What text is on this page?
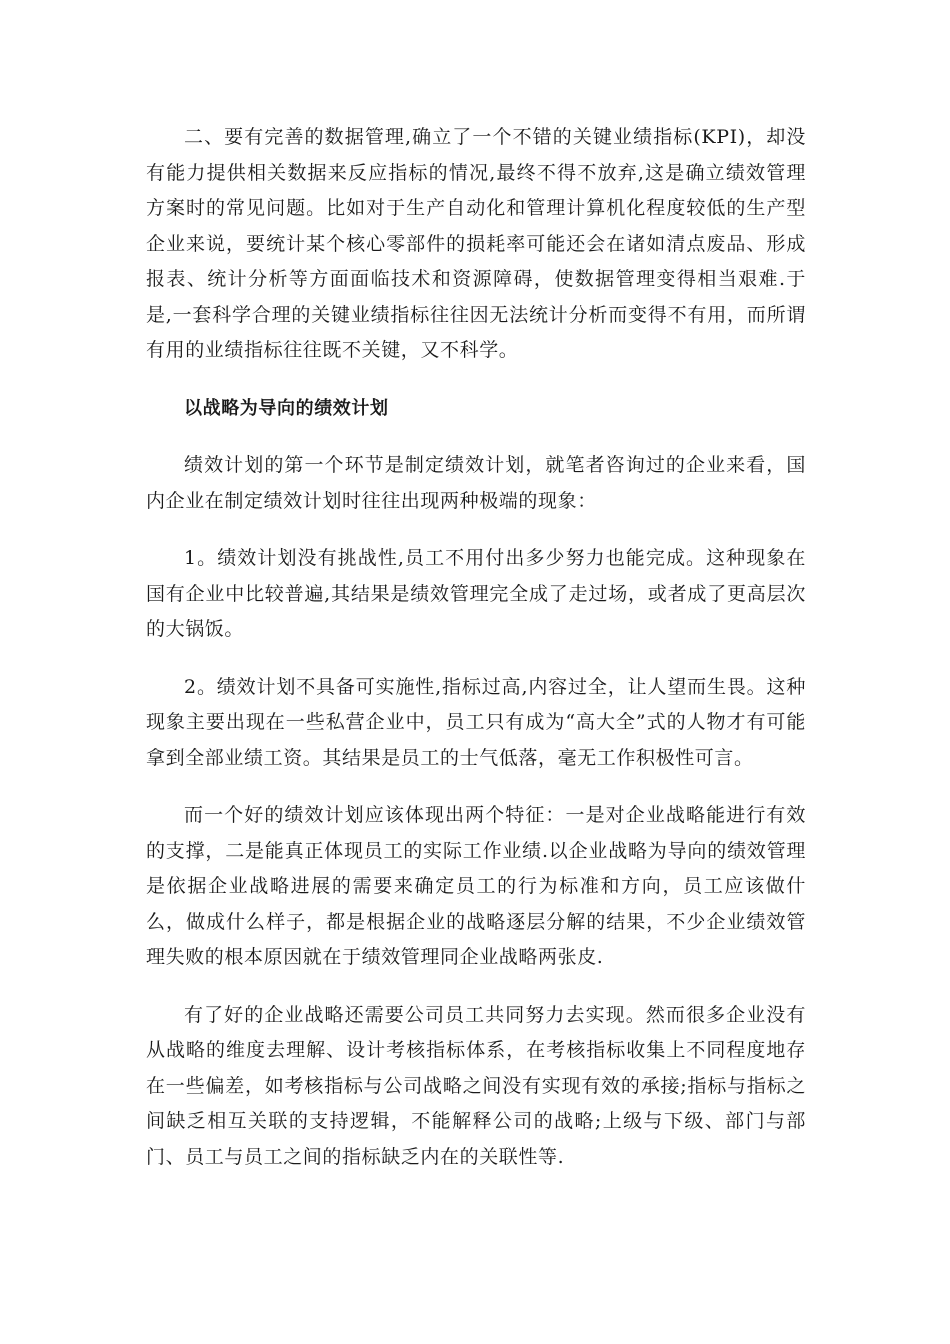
二、要有完善的数据管理,确立了一个不错的关键业绩指标(KPI)，却没有能力提供相关数据来反应指标的情况,最终不得不放弃,这是确立绩效管理方案时的常见问题。比如对于生产自动化和管理计算机化程度较低的生产型企业来说，要统计某个核心零部件的损耗率可能还会在诸如清点废品、形成报表、统计分析等方面面临技术和资源障碍，使数据管理变得相当艰难.于是,一套科学合理的关键业绩指标往往因无法统计分析而变得不有用，而所谓有用的业绩指标往往既不关键，又不科学。

以战略为导向的绩效计划

绩效计划的第一个环节是制定绩效计划，就笔者咨询过的企业来看，国内企业在制定绩效计划时往往出现两种极端的现象：

1。绩效计划没有挑战性,员工不用付出多少努力也能完成。这种现象在国有企业中比较普遍,其结果是绩效管理完全成了走过场，或者成了更高层次的大锅饭。

2。绩效计划不具备可实施性,指标过高,内容过全，让人望而生畏。这种现象主要出现在一些私营企业中，员工只有成为“高大全”式的人物才有可能拿到全部业绩工资。其结果是员工的士气低落，毫无工作积极性可言。

而一个好的绩效计划应该体现出两个特征：一是对企业战略能进行有效的支撑，二是能真正体现员工的实际工作业绩.以企业战略为导向的绩效管理是依据企业战略进展的需要来确定员工的行为标准和方向，员工应该做什么，做成什么样子，都是根据企业的战略逐层分解的结果，不少企业绩效管理失败的根本原因就在于绩效管理同企业战略两张皮.

有了好的企业战略还需要公司员工共同努力去实现。然而很多企业没有从战略的维度去理解、设计考核指标体系，在考核指标收集上不同程度地存在一些偏差，如考核指标与公司战略之间没有实现有效的承接;指标与指标之间缺乏相互关联的支持逻辑，不能解释公司的战略;上级与下级、部门与部门、员工与员工之间的指标缺乏内在的关联性等.
